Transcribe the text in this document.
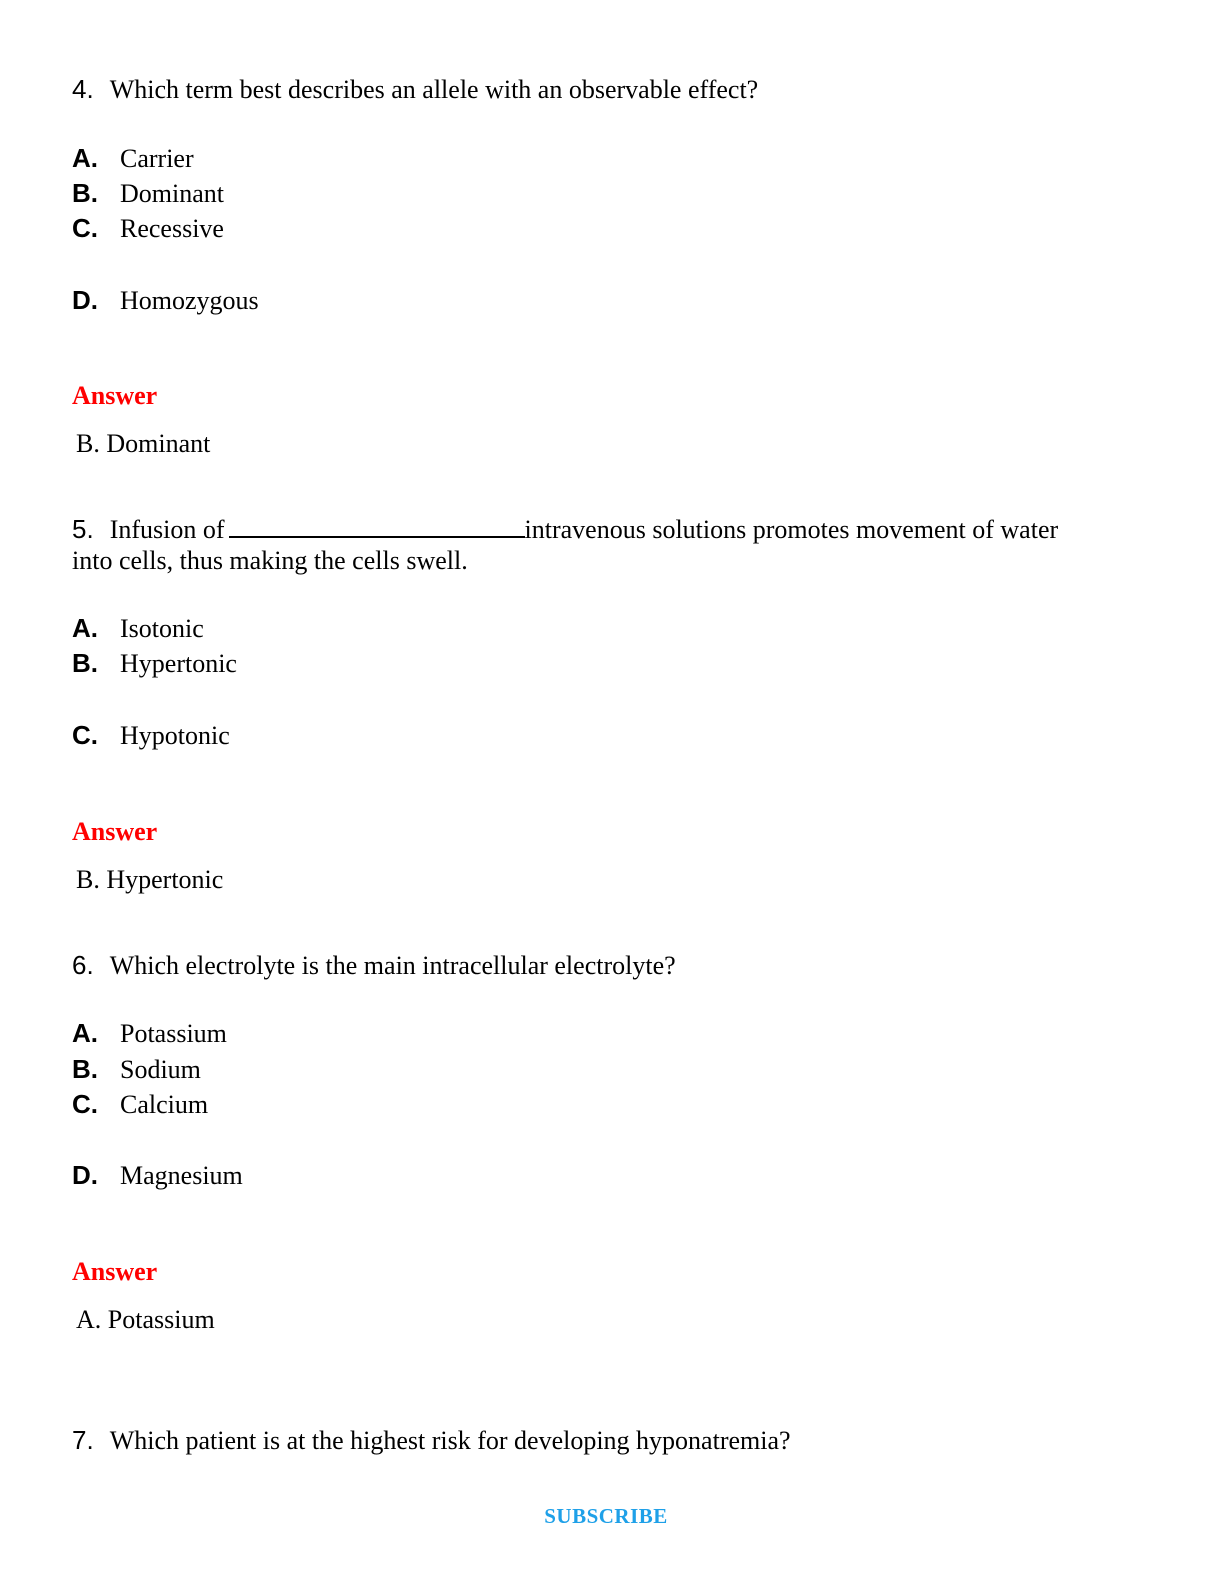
4. Which term best describes an allele with an observable effect?
A. Carrier
B. Dominant
C. Recessive
D. Homozygous
Answer
B. Dominant
5. Infusion of	intravenous solutions promotes movement of water
into cells, thus making the cells swell.
A. Isotonic
B. Hypertonic
C. Hypotonic
Answer
B. Hypertonic
6. Which electrolyte is the main intracellular electrolyte?
A. Potassium
B. Sodium
C. Calcium
D. Magnesium
Answer
A. Potassium
7. Which patient is at the highest risk for developing hyponatremia?
SUBSCRIBE
